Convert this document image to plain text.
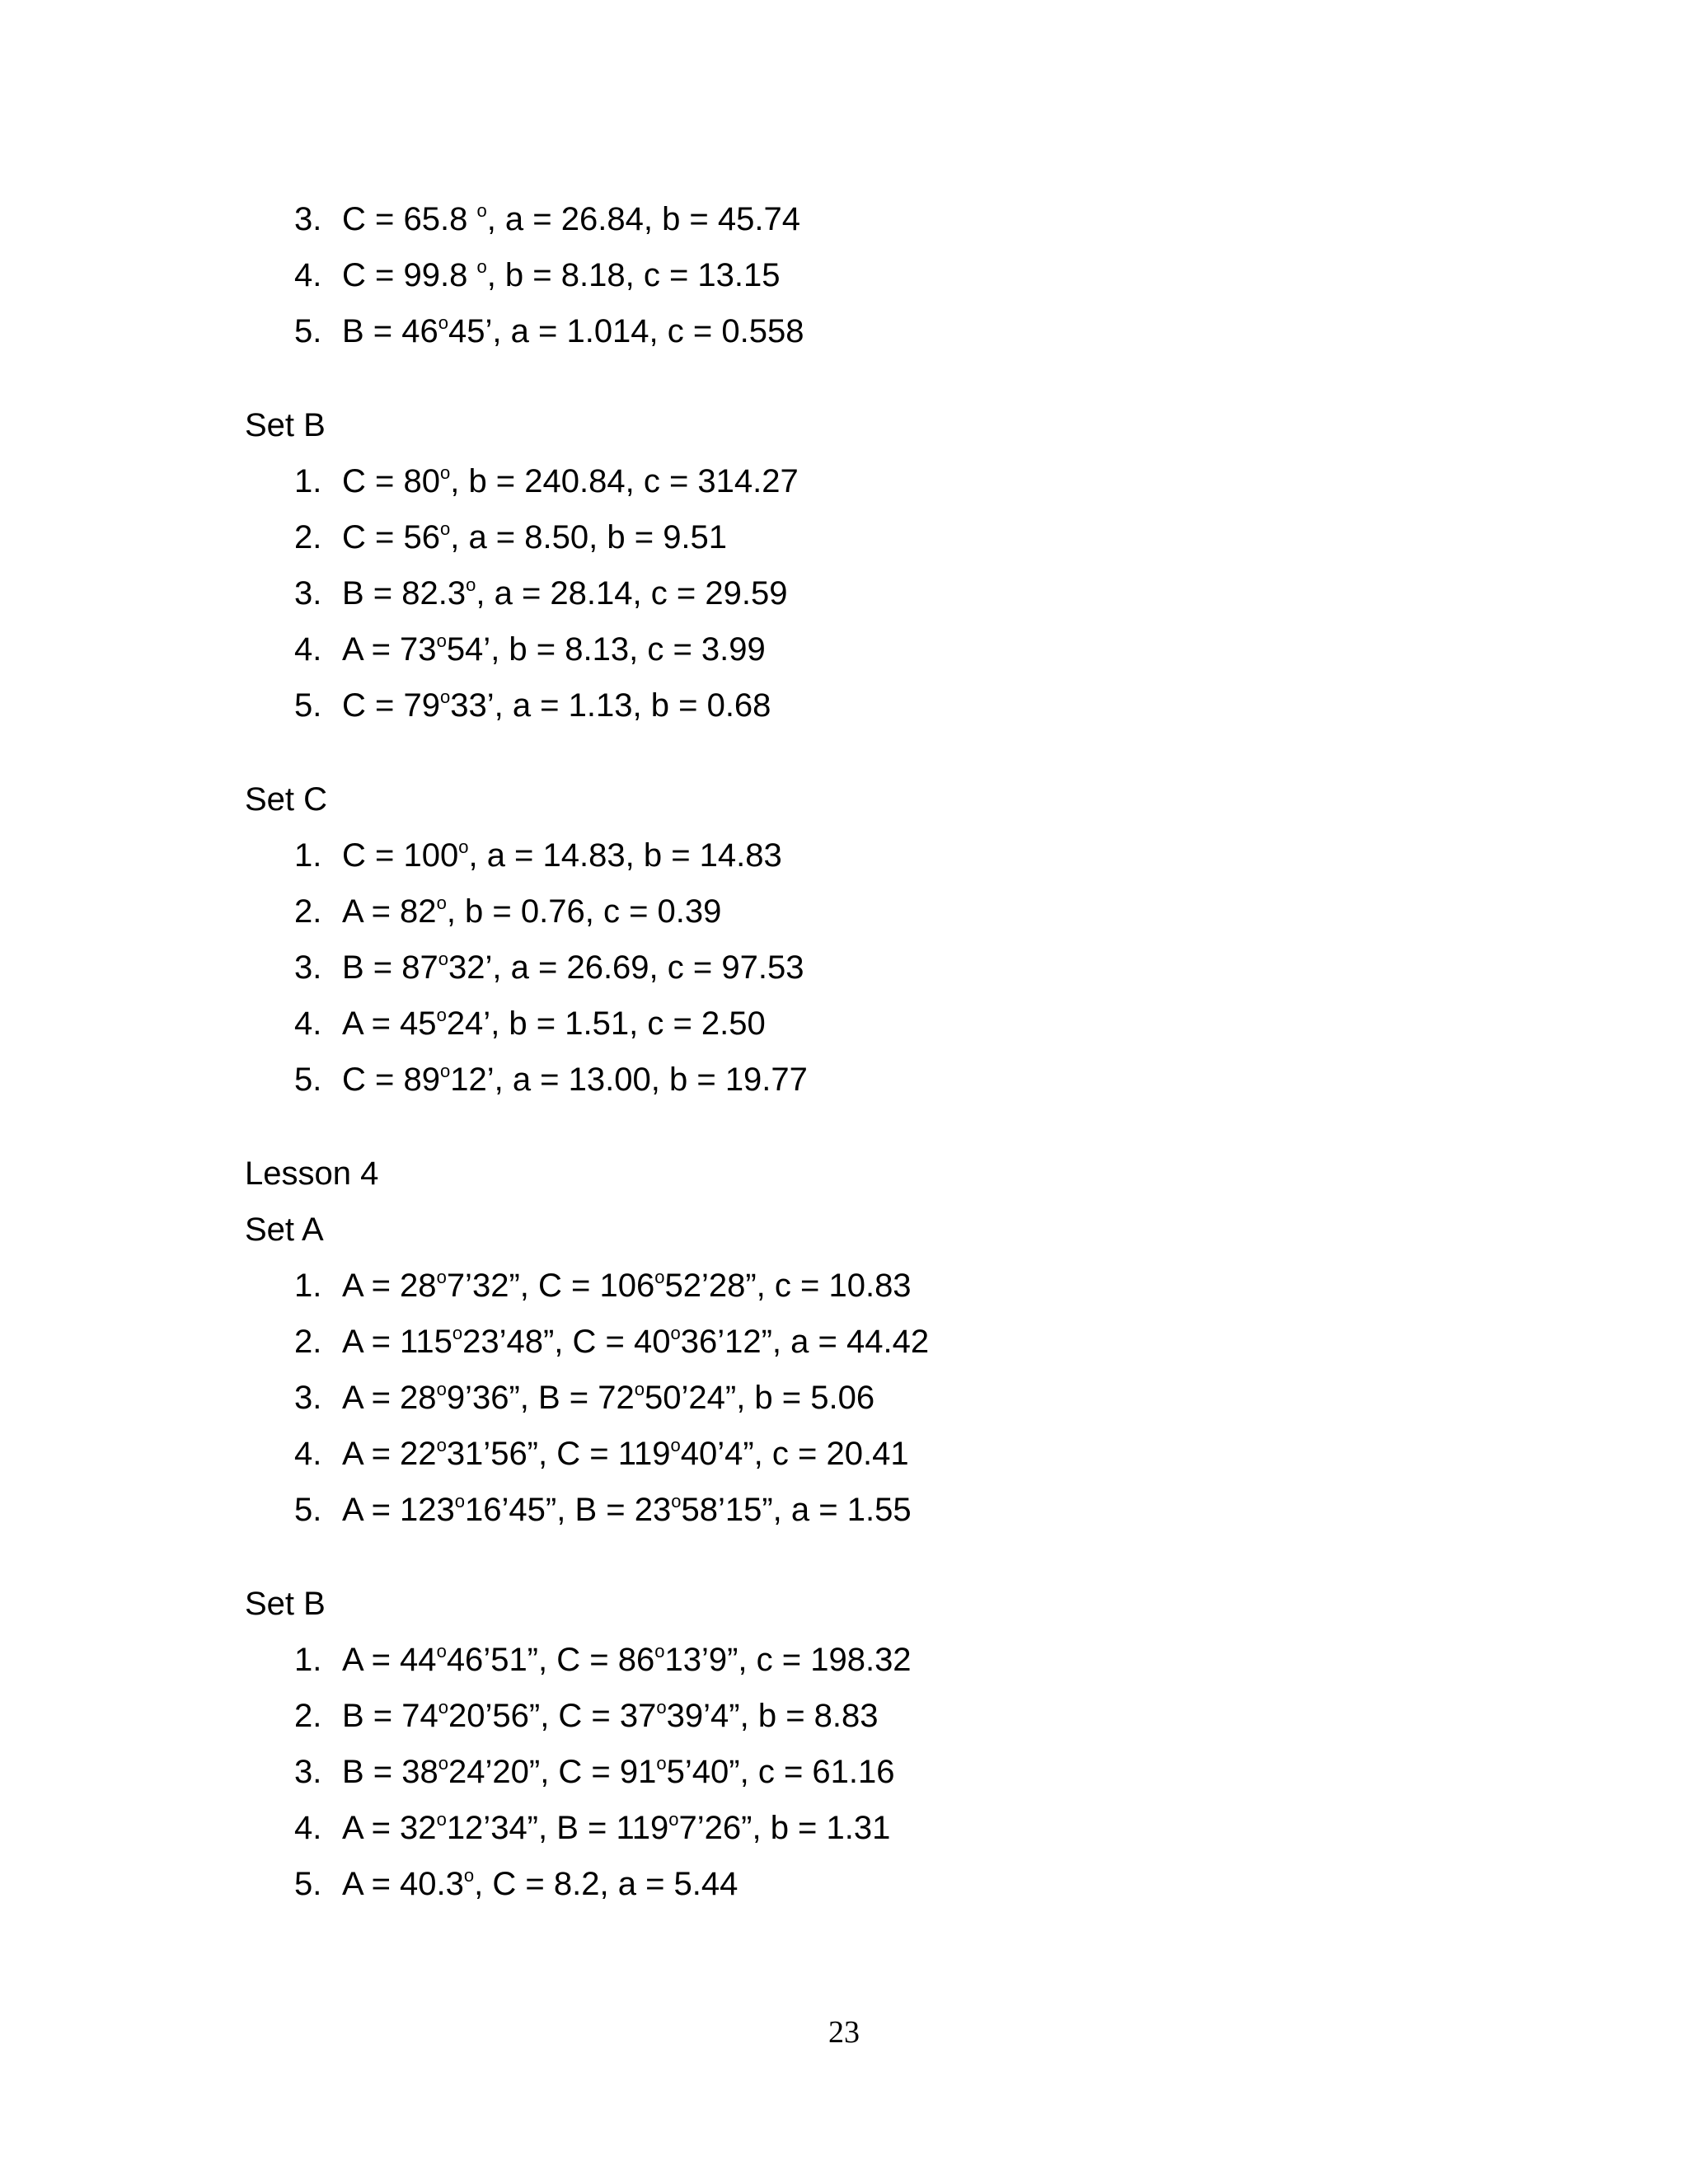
3. C = 65.8 $^o$, a = 26.84, b = 45.74
4. C = 99.8 $^o$, b = 8.18, c = 13.15
5. $B = 46^o45$’, a = 1.014, c = 0.558

Set B

1. $C = 80^o$, b = 240.84, c = 314.27
2. $C = 56^o$, a = 8.50, b = 9.51
3. $B = 82.3^o$, a = 28.14, c = 29.59
4. $A = 73^o54$’, b = 8.13, c = 3.99
5. $C = 79^o33$’, a = 1.13, b = 0.68

Set C

1. $C = 100^o$, a = 14.83, b = 14.83
2. $A = 82^o$, b = 0.76, c = 0.39
3. $B = 87^o32$’, a = 26.69, c = 97.53
4. $A = 45^o24$’, b = 1.51, c = 2.50
5. $C = 89^o12$’, a = 13.00, b = 19.77

Lesson 4

Set A

1. $A = 28^o7’32$”, $C = 106^o52’28$”, c = 10.83
2. $A = 115^o23’48$”, $C = 40^o36’12$”, a = 44.42
3. $A = 28^o9’36$”, $B = 72^o50’24$”, b = 5.06
4. $A = 22^o31’56$”, $C = 119^o40’4$”, c = 20.41
5. $A = 123^o16’45$”, $B = 23^o58’15$”, a = 1.55

Set B

1. $A = 44^o46’51$”, $C = 86^o13’9$”, c = 198.32
2. $B = 74^o20’56$”, $C = 37^o39’4$”, b = 8.83
3. $B = 38^o24’20$”, $C = 91^o5’40$”, c = 61.16
4. $A = 32^o12’34$”, $B = 119^o7’26$”, b = 1.31
5. $A = 40.3^o$, C = 8.2, a = 5.44
23
